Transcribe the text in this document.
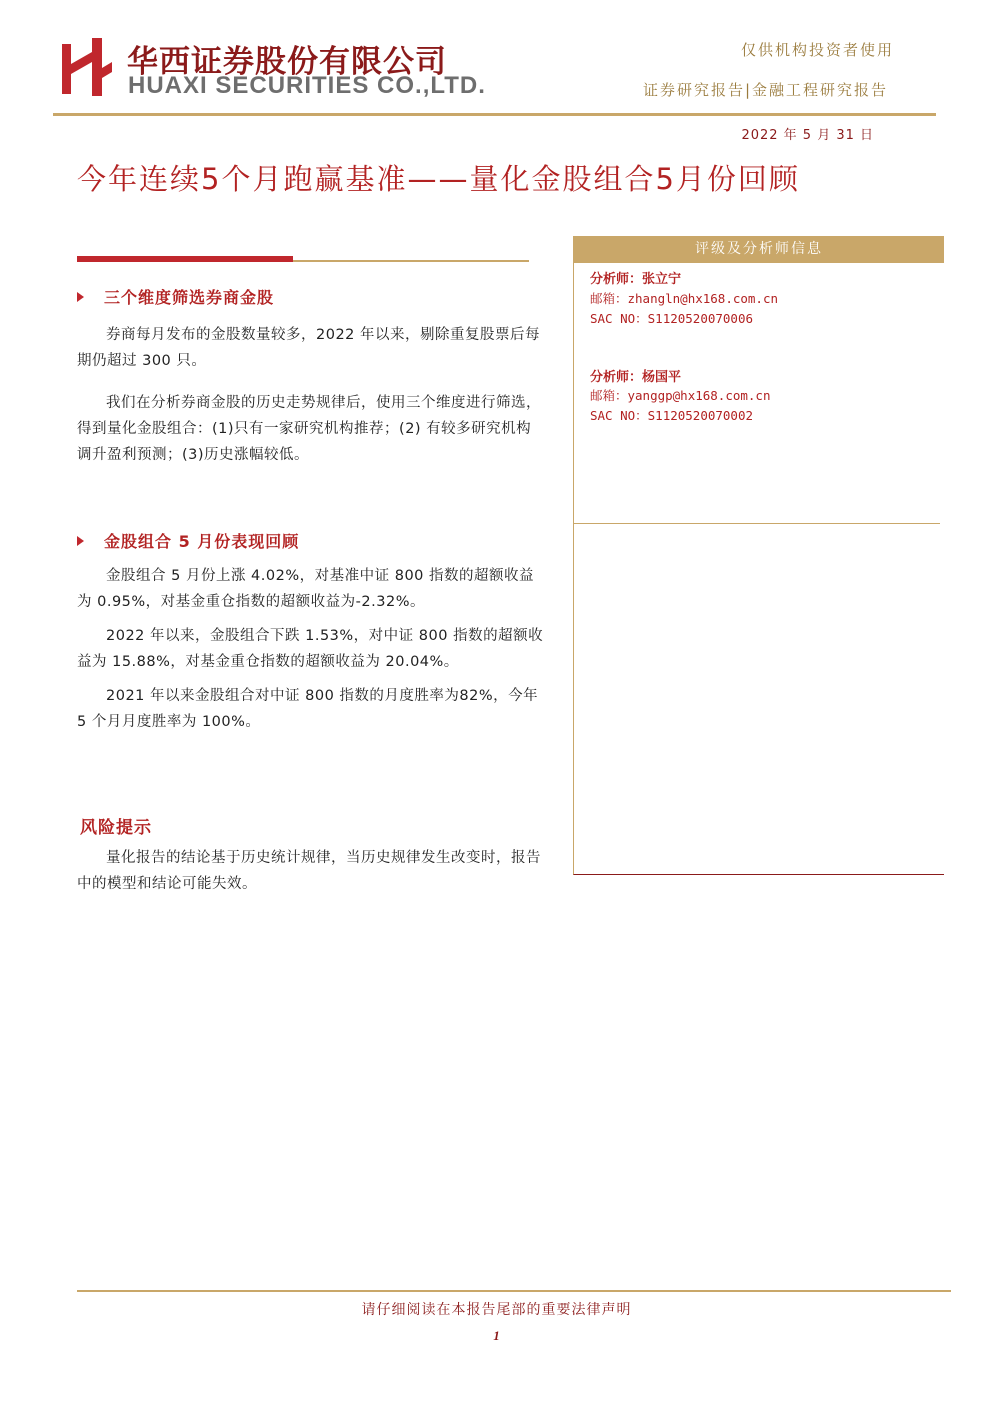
华西证券股份有限公司
HUAXI SECURITIES CO.,LTD.
仅供机构投资者使用
证券研究报告|金融工程研究报告
2022 年 5 月 31 日
今年连续5个月跑赢基准——量化金股组合5月份回顾
三个维度筛选券商金股

券商每月发布的金股数量较多，2022 年以来，剔除重复股票后每期仍超过 300 只。

我们在分析券商金股的历史走势规律后，使用三个维度进行筛选，得到量化金股组合：(1)只有一家研究机构推荐；(2) 有较多研究机构调升盈利预测；(3)历史涨幅较低。

金股组合 5 月份表现回顾

金股组合 5 月份上涨 4.02%，对基准中证 800 指数的超额收益为 0.95%，对基金重仓指数的超额收益为-2.32%。

2022 年以来，金股组合下跌 1.53%，对中证 800 指数的超额收益为 15.88%，对基金重仓指数的超额收益为 20.04%。

2021 年以来金股组合对中证 800 指数的月度胜率为82%，今年 5 个月月度胜率为 100%。

风险提示

量化报告的结论基于历史统计规律，当历史规律发生改变时，报告中的模型和结论可能失效。

评级及分析师信息
分析师：张立宁
邮箱：zhangln@hx168.com.cn
SAC NO：S1120520070006
分析师：杨国平
邮箱：yanggp@hx168.com.cn
SAC NO：S1120520070002
请仔细阅读在本报告尾部的重要法律声明
1
